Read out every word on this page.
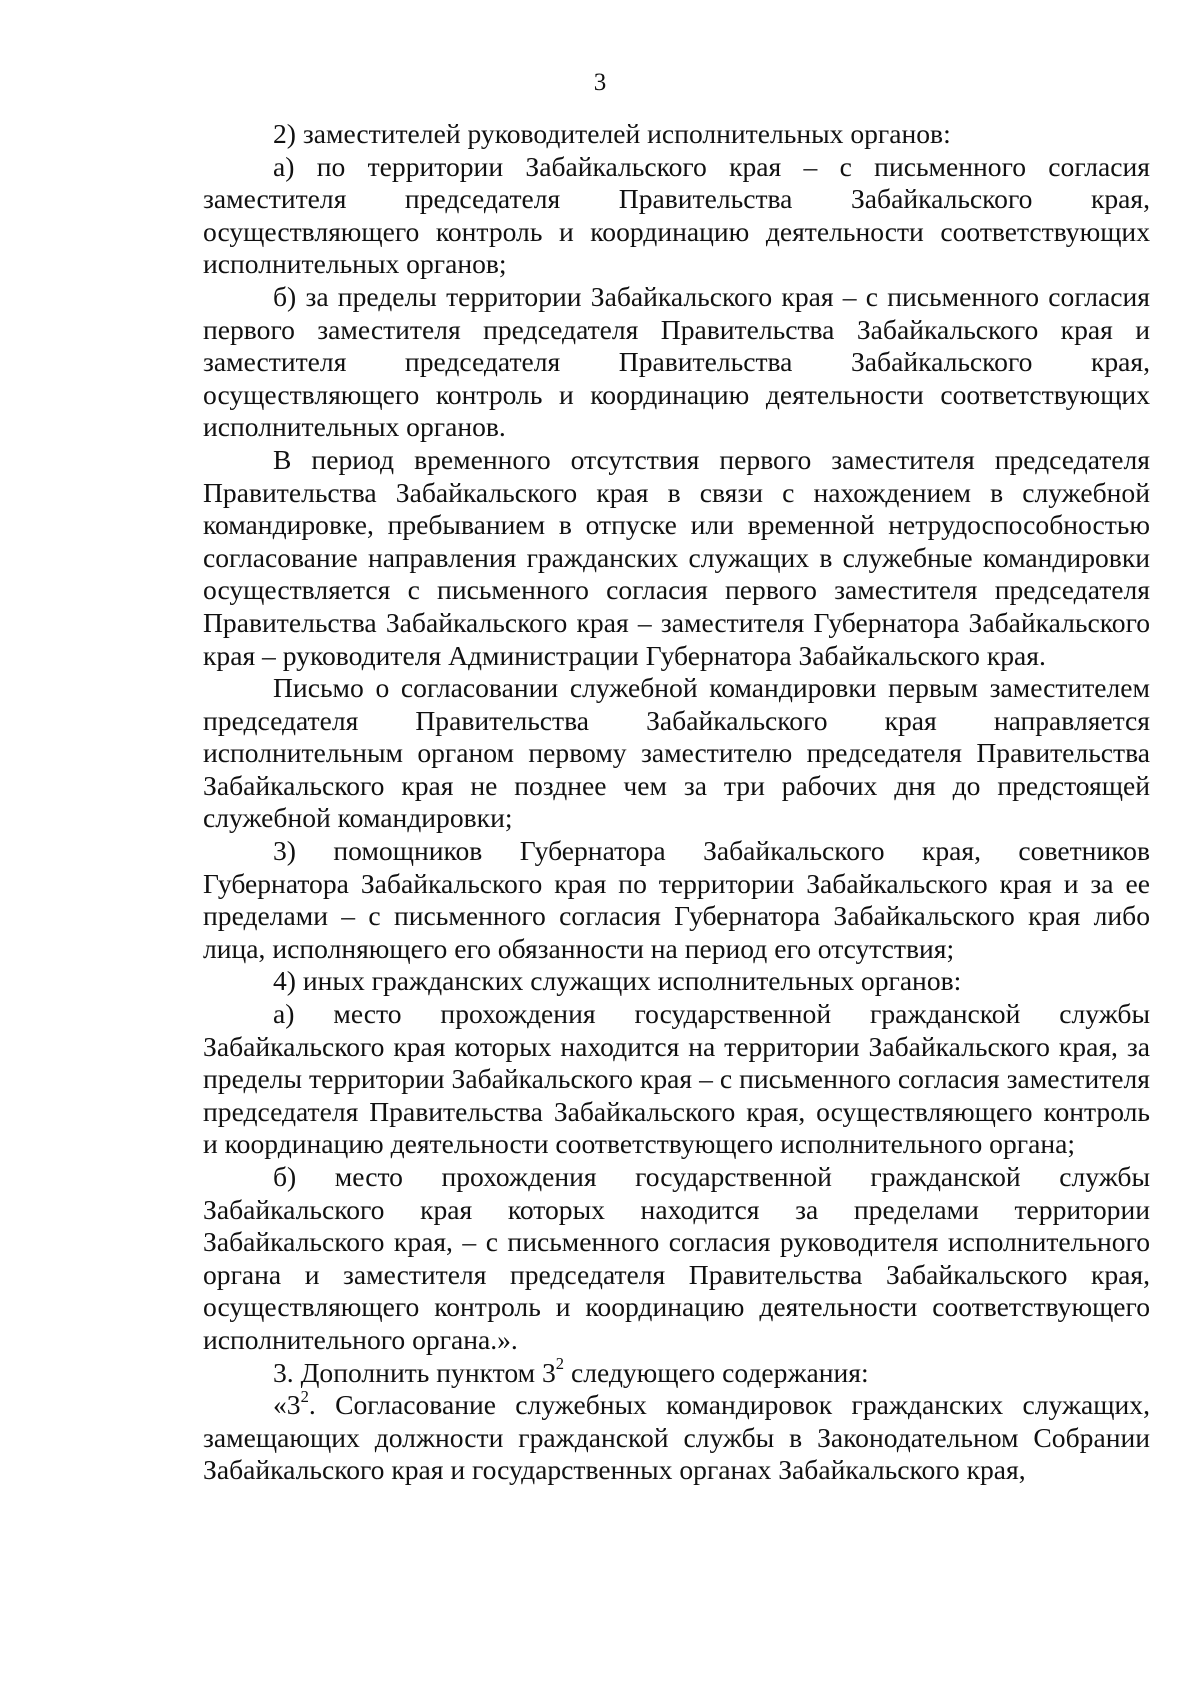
3

2) заместителей руководителей исполнительных органов:

а) по территории Забайкальского края – с письменного согласия заместителя председателя Правительства Забайкальского края, осуществляющего контроль и координацию деятельности соответствующих исполнительных органов;

б) за пределы территории Забайкальского края – с письменного согласия первого заместителя председателя Правительства Забайкальского края и заместителя председателя Правительства Забайкальского края, осуществляющего контроль и координацию деятельности соответствующих исполнительных органов.

В период временного отсутствия первого заместителя председателя Правительства Забайкальского края в связи с нахождением в служебной командировке, пребыванием в отпуске или временной нетрудоспособностью согласование направления гражданских служащих в служебные командировки осуществляется с письменного согласия первого заместителя председателя Правительства Забайкальского края – заместителя Губернатора Забайкальского края – руководителя Администрации Губернатора Забайкальского края.

Письмо о согласовании служебной командировки первым заместителем председателя Правительства Забайкальского края направляется исполнительным органом первому заместителю председателя Правительства Забайкальского края не позднее чем за три рабочих дня до предстоящей служебной командировки;

3) помощников Губернатора Забайкальского края, советников Губернатора Забайкальского края по территории Забайкальского края и за ее пределами – с письменного согласия Губернатора Забайкальского края либо лица, исполняющего его обязанности на период его отсутствия;

4) иных гражданских служащих исполнительных органов:

а) место прохождения государственной гражданской службы Забайкальского края которых находится на территории Забайкальского края, за пределы территории Забайкальского края – с письменного согласия заместителя председателя Правительства Забайкальского края, осуществляющего контроль и координацию деятельности соответствующего исполнительного органа;

б) место прохождения государственной гражданской службы Забайкальского края которых находится за пределами территории Забайкальского края, – с письменного согласия руководителя исполнительного органа и заместителя председателя Правительства Забайкальского края, осуществляющего контроль и координацию деятельности соответствующего исполнительного органа.».

3. Дополнить пунктом $3^2$ следующего содержания:

«$3^2$. Согласование служебных командировок гражданских служащих, замещающих должности гражданской службы в Законодательном Собрании Забайкальского края и государственных органах Забайкальского края,
